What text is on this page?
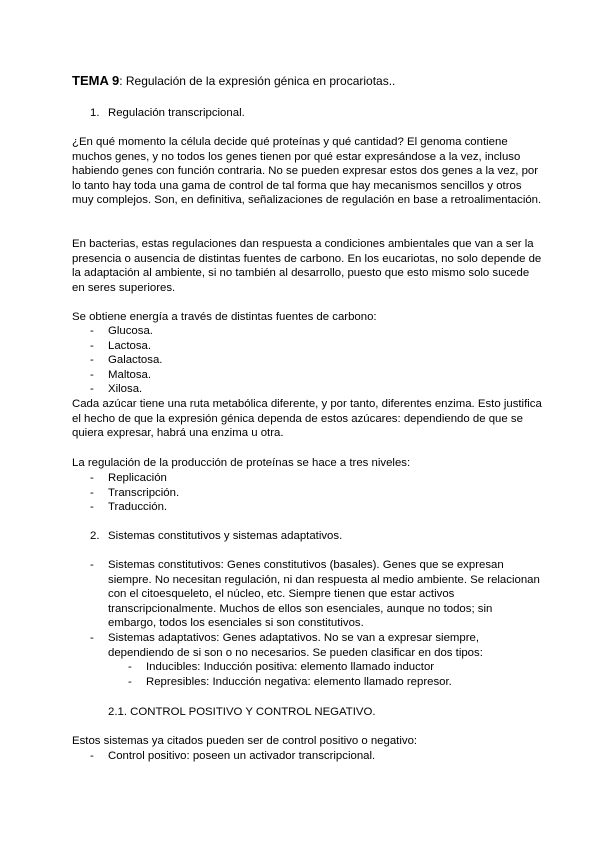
TEMA 9: Regulación de la expresión génica en procariotas..
1. Regulación transcripcional.

¿En qué momento la célula decide qué proteínas y qué cantidad? El genoma contiene muchos genes, y no todos los genes tienen por qué estar expresándose a la vez, incluso habiendo genes con función contraria. No se pueden expresar estos dos genes a la vez, por lo tanto hay toda una gama de control de tal forma que hay mecanismos sencillos y otros muy complejos. Son, en definitiva, señalizaciones de regulación en base a retroalimentación.

En bacterias, estas regulaciones dan respuesta a condiciones ambientales que van a ser la presencia o ausencia de distintas fuentes de carbono. En los eucariotas, no solo depende de la adaptación al ambiente, si no también al desarrollo, puesto que esto mismo solo sucede en seres superiores.

Se obtiene energía a través de distintas fuentes de carbono:

- Glucosa.
- Lactosa.
- Galactosa.
- Maltosa.
- Xilosa.

Cada azúcar tiene una ruta metabólica diferente, y por tanto, diferentes enzima. Esto justifica el hecho de que la expresión génica dependa de estos azúcares: dependiendo de que se quiera expresar, habrá una enzima u otra.

La regulación de la producción de proteínas se hace a tres niveles:

- Replicación
- Transcripción.
- Traducción.
2. Sistemas constitutivos y sistemas adaptativos.
- Sistemas constitutivos: Genes constitutivos (basales). Genes que se expresan siempre. No necesitan regulación, ni dan respuesta al medio ambiente. Se relacionan con el citoesqueleto, el núcleo, etc. Siempre tienen que estar activos transcripcionalmente. Muchos de ellos son esenciales, aunque no todos; sin embargo, todos los esenciales si son constitutivos.
- Sistemas adaptativos: Genes adaptativos. No se van a expresar siempre, dependiendo de si son o no necesarios. Se pueden clasificar en dos tipos:
- Inducibles: Inducción positiva: elemento llamado inductor
- Represibles: Inducción negativa: elemento llamado represor.
2.1. CONTROL POSITIVO Y CONTROL NEGATIVO.

Estos sistemas ya citados pueden ser de control positivo o negativo:

- Control positivo: poseen un activador transcripcional.
